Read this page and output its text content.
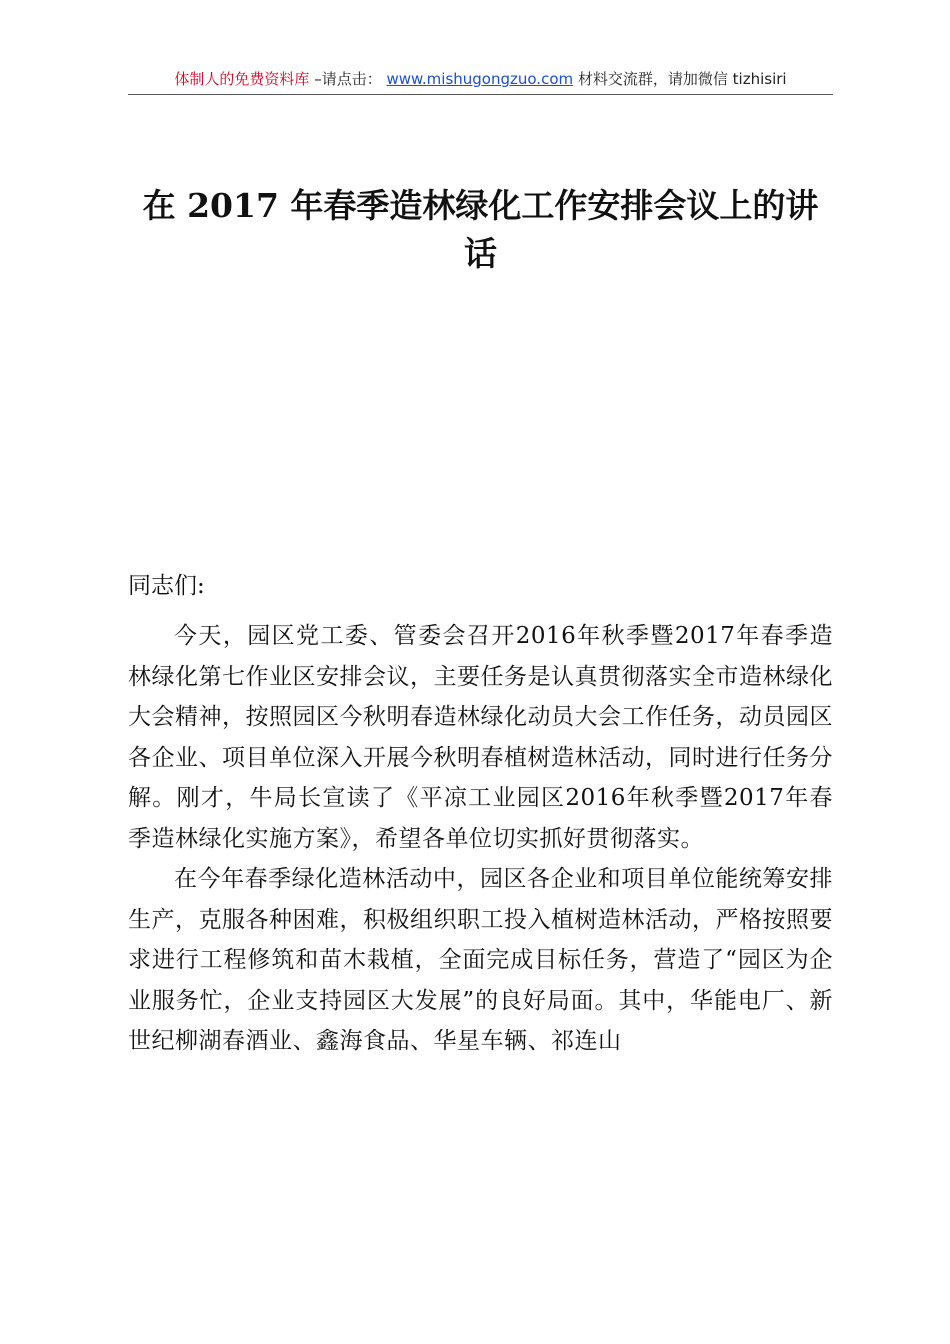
体制人的免费资料库 –请点击： www.mishugongzuo.com 材料交流群，请加微信 tizhisiri
在 2017 年春季造林绿化工作安排会议上的讲话

同志们:

今天，园区党工委、管委会召开2016年秋季暨2017年春季造林绿化第七作业区安排会议，主要任务是认真贯彻落实全市造林绿化大会精神，按照园区今秋明春造林绿化动员大会工作任务，动员园区各企业、项目单位深入开展今秋明春植树造林活动，同时进行任务分解。刚才，牛局长宣读了《平凉工业园区2016年秋季暨2017年春季造林绿化实施方案》，希望各单位切实抓好贯彻落实。

在今年春季绿化造林活动中，园区各企业和项目单位能统筹安排生产，克服各种困难，积极组织职工投入植树造林活动，严格按照要求进行工程修筑和苗木栽植，全面完成目标任务，营造了“园区为企业服务忙，企业支持园区大发展”的良好局面。其中，华能电厂、新世纪柳湖春酒业、鑫海食品、华星车辆、祁连山
